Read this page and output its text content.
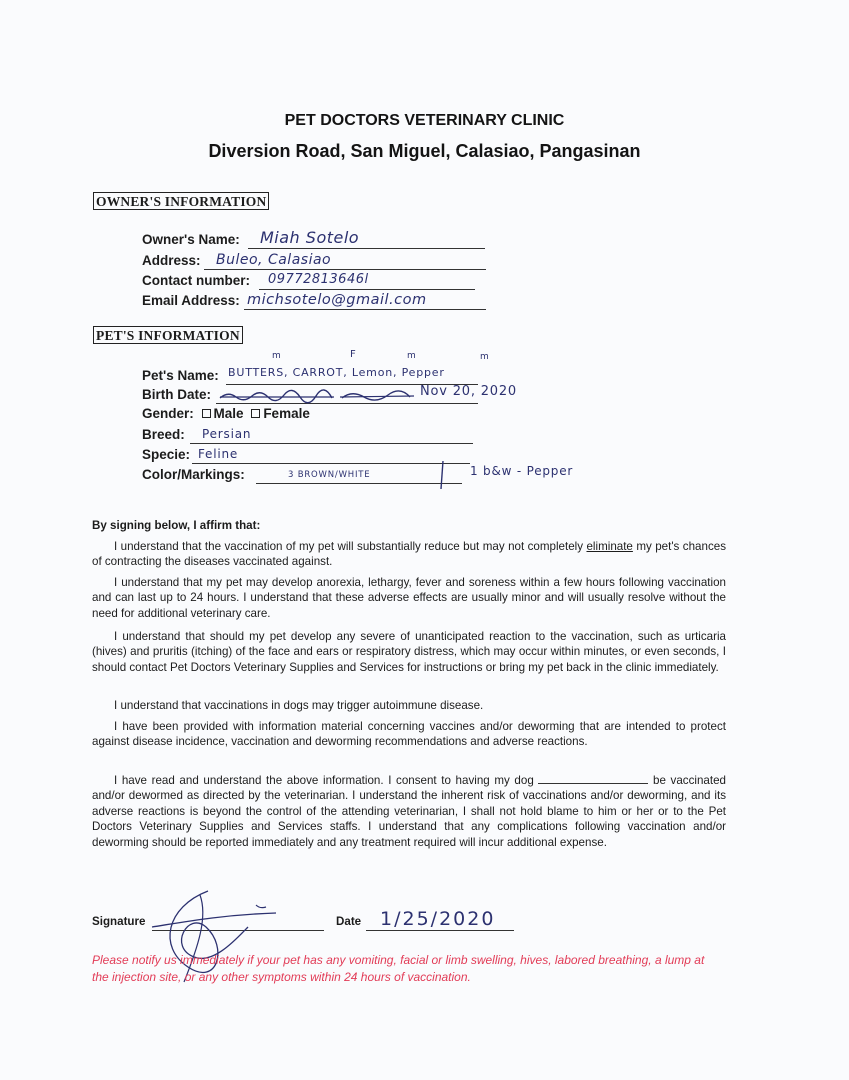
PET DOCTORS VETERINARY CLINIC
Diversion Road, San Miguel, Calasiao, Pangasinan
OWNER'S INFORMATION
Owner's Name: Miah Sotelo
Address: Buleo, Calasiao
Contact number: 09772813646l
Email Address: michsotelo@gmail.com
PET'S INFORMATION
m	F	m	m
Pet's Name: BUTTERS, CARROT, Lemon, Pepper
Birth Date:	Nov 20, 2020
Gender: Male Female
Breed: Persian
Specie: Feline
Color/Markings:	3 BROWN/WHITE	1 b&w - Pepper
By signing below, I affirm that:
I understand that the vaccination of my pet will substantially reduce but may not completely eliminate my pet's chances of contracting the diseases vaccinated against.
I understand that my pet may develop anorexia, lethargy, fever and soreness within a few hours following vaccination and can last up to 24 hours. I understand that these adverse effects are usually minor and will usually resolve without the need for additional veterinary care.
I understand that should my pet develop any severe of unanticipated reaction to the vaccination, such as urticaria (hives) and pruritis (itching) of the face and ears or respiratory distress, which may occur within minutes, or even seconds, I should contact Pet Doctors Veterinary Supplies and Services for instructions or bring my pet back in the clinic immediately.
I understand that vaccinations in dogs may trigger autoimmune disease.
I have been provided with information material concerning vaccines and/or deworming that are intended to protect against disease incidence, vaccination and deworming recommendations and adverse reactions.
I have read and understand the above information. I consent to having my dog	be vaccinated and/or dewormed as directed by the veterinarian. I understand the inherent risk of vaccinations and/or deworming, and its adverse reactions is beyond the control of the attending veterinarian, I shall not hold blame to him or her or to the Pet Doctors Veterinary Supplies and Services staffs. I understand that any complications following vaccination and/or deworming should be reported immediately and any treatment required will incur additional expense.
Signature	Date 1/25/2020
Please notify us immediately if your pet has any vomiting, facial or limb swelling, hives, labored breathing, a lump at the injection site, or any other symptoms within 24 hours of vaccination.
